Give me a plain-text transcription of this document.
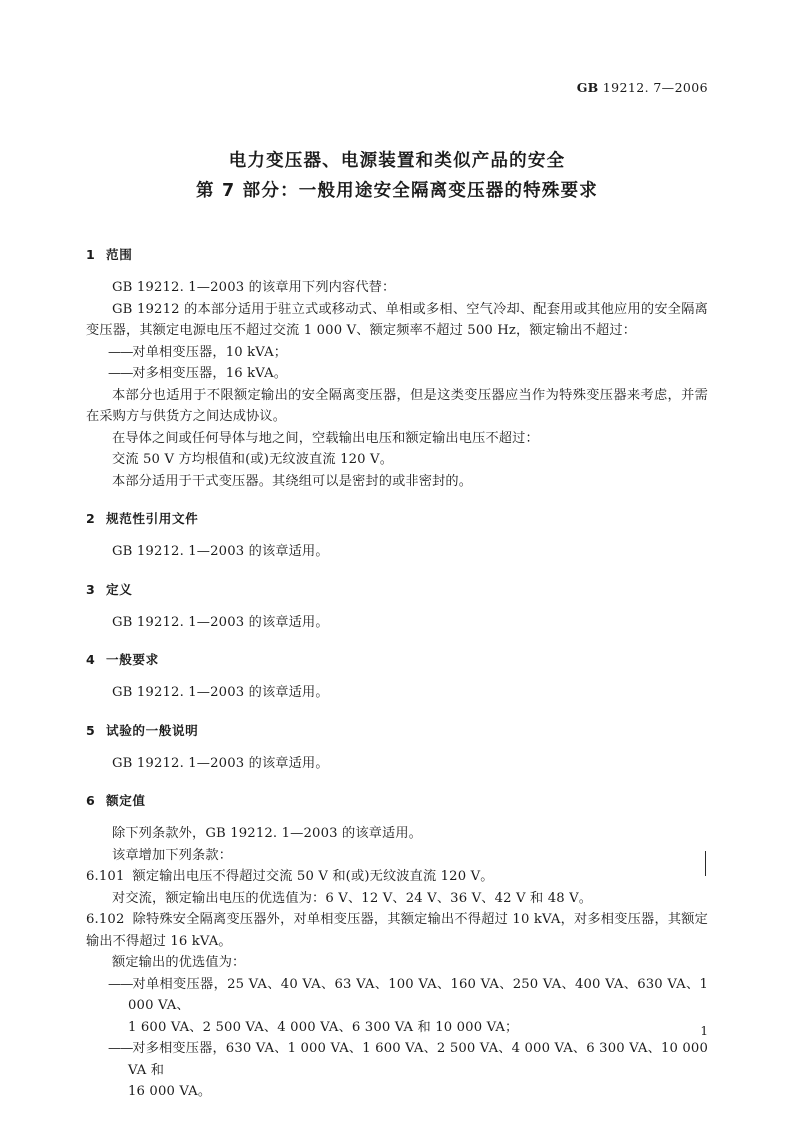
GB 19212. 7—2006
电力变压器、电源装置和类似产品的安全
第 7 部分：一般用途安全隔离变压器的特殊要求
1 范围

GB 19212. 1—2003 的该章用下列内容代替：

GB 19212 的本部分适用于驻立式或移动式、单相或多相、空气冷却、配套用或其他应用的安全隔离变压器，其额定电源电压不超过交流 1 000 V、额定频率不超过 500 Hz，额定输出不超过：

——对单相变压器，10 kVA；

——对多相变压器，16 kVA。

本部分也适用于不限额定输出的安全隔离变压器，但是这类变压器应当作为特殊变压器来考虑，并需在采购方与供货方之间达成协议。

在导体之间或任何导体与地之间，空载输出电压和额定输出电压不超过：

交流 50 V 方均根值和(或)无纹波直流 120 V。

本部分适用于干式变压器。其绕组可以是密封的或非密封的。

2 规范性引用文件

GB 19212. 1—2003 的该章适用。

3 定义

GB 19212. 1—2003 的该章适用。

4 一般要求

GB 19212. 1—2003 的该章适用。

5 试验的一般说明

GB 19212. 1—2003 的该章适用。

6 额定值

除下列条款外，GB 19212. 1—2003 的该章适用。

该章增加下列条款：

6.101 额定输出电压不得超过交流 50 V 和(或)无纹波直流 120 V。

对交流，额定输出电压的优选值为：6 V、12 V、24 V、36 V、42 V 和 48 V。

6.102 除特殊安全隔离变压器外，对单相变压器，其额定输出不得超过 10 kVA，对多相变压器，其额定输出不得超过 16 kVA。

额定输出的优选值为：

——对单相变压器，25 VA、40 VA、63 VA、100 VA、160 VA、250 VA、400 VA、630 VA、1 000 VA、

1 600 VA、2 500 VA、4 000 VA、6 300 VA 和 10 000 VA；

——对多相变压器，630 VA、1 000 VA、1 600 VA、2 500 VA、4 000 VA、6 300 VA、10 000 VA 和

16 000 VA。

1
